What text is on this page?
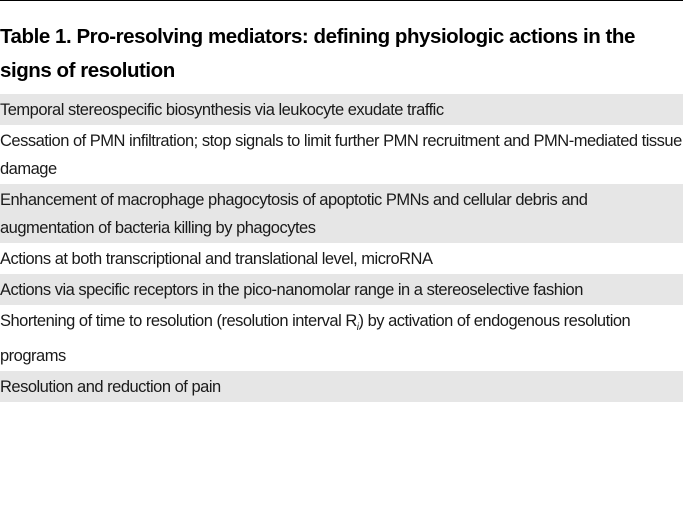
Table 1. Pro-resolving mediators: defining physiologic actions in the signs of resolution
Temporal stereospecific biosynthesis via leukocyte exudate traffic
Cessation of PMN infiltration; stop signals to limit further PMN recruitment and PMN-mediated tissue damage
Enhancement of macrophage phagocytosis of apoptotic PMNs and cellular debris and augmentation of bacteria killing by phagocytes
Actions at both transcriptional and translational level, microRNA
Actions via specific receptors in the pico-nanomolar range in a stereoselective fashion
Shortening of time to resolution (resolution interval $R_i$) by activation of endogenous resolution programs
Resolution and reduction of pain
